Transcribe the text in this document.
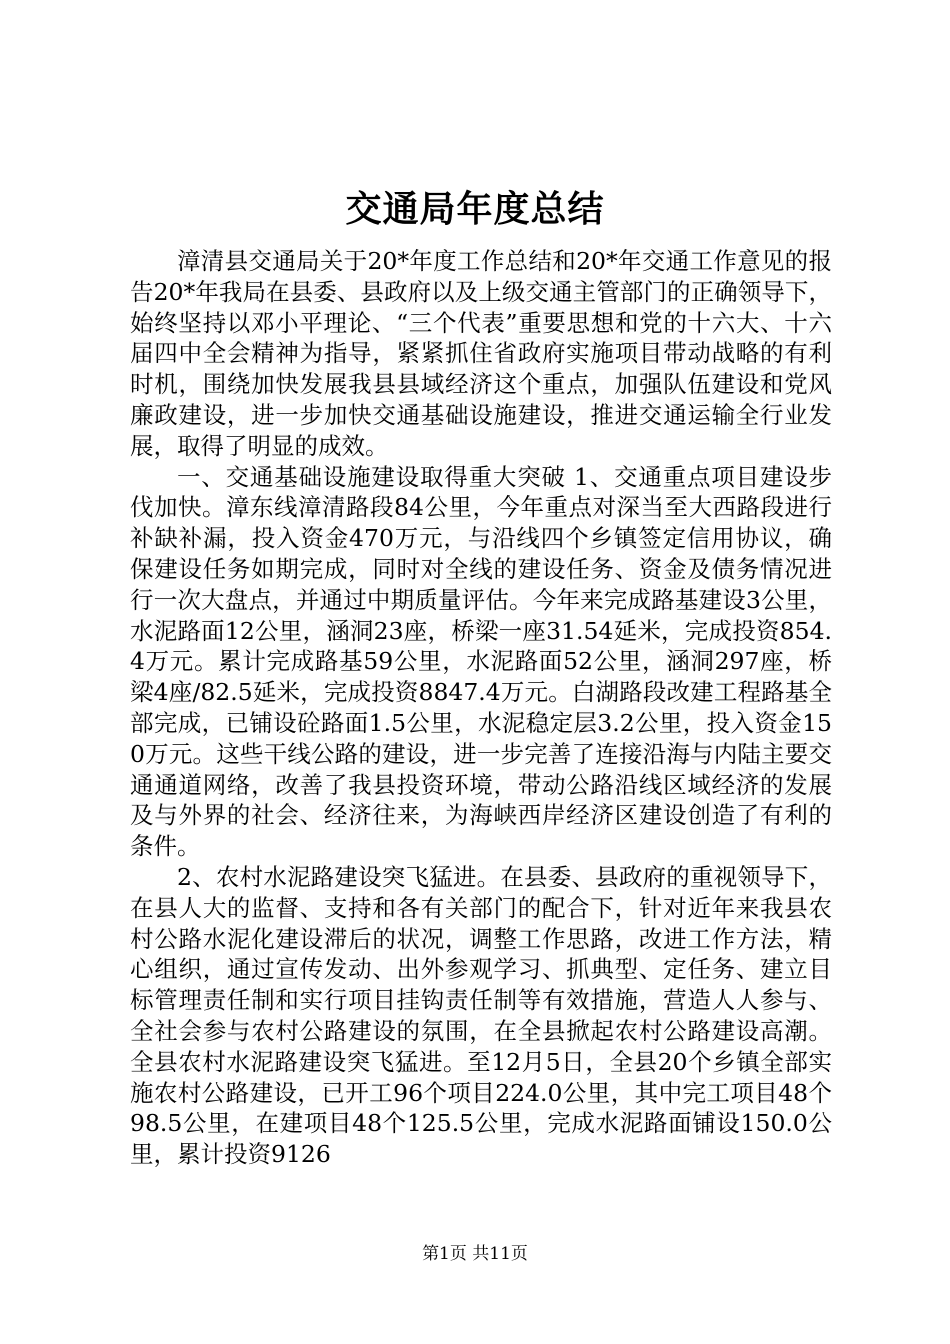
交通局年度总结

漳清县交通局关于20*年度工作总结和20*年交通工作意见的报告20*年我局在县委、县政府以及上级交通主管部门的正确领导下，始终坚持以邓小平理论、“三个代表”重要思想和党的十六大、十六届四中全会精神为指导，紧紧抓住省政府实施项目带动战略的有利时机，围绕加快发展我县县域经济这个重点，加强队伍建设和党风廉政建设，进一步加快交通基础设施建设，推进交通运输全行业发展，取得了明显的成效。

一、交通基础设施建设取得重大突破 1、交通重点项目建设步伐加快。漳东线漳清路段84公里，今年重点对深当至大西路段进行补缺补漏，投入资金470万元，与沿线四个乡镇签定信用协议，确保建设任务如期完成，同时对全线的建设任务、资金及债务情况进行一次大盘点，并通过中期质量评估。今年来完成路基建设3公里，水泥路面12公里，涵洞23座，桥梁一座31.54延米，完成投资854.4万元。累计完成路基59公里，水泥路面52公里，涵洞297座，桥梁4座/82.5延米，完成投资8847.4万元。白湖路段改建工程路基全部完成，已铺设砼路面1.5公里，水泥稳定层3.2公里，投入资金150万元。这些干线公路的建设，进一步完善了连接沿海与内陆主要交通通道网络，改善了我县投资环境，带动公路沿线区域经济的发展及与外界的社会、经济往来，为海峡西岸经济区建设创造了有利的条件。

2、农村水泥路建设突飞猛进。在县委、县政府的重视领导下，在县人大的监督、支持和各有关部门的配合下，针对近年来我县农村公路水泥化建设滞后的状况，调整工作思路，改进工作方法，精心组织，通过宣传发动、出外参观学习、抓典型、定任务、建立目标管理责任制和实行项目挂钩责任制等有效措施，营造人人参与、全社会参与农村公路建设的氛围，在全县掀起农村公路建设高潮。全县农村水泥路建设突飞猛进。至12月5日，全县20个乡镇全部实施农村公路建设，已开工96个项目224.0公里，其中完工项目48个98.5公里，在建项目48个125.5公里，完成水泥路面铺设150.0公里，累计投资9126

第1页 共11页
